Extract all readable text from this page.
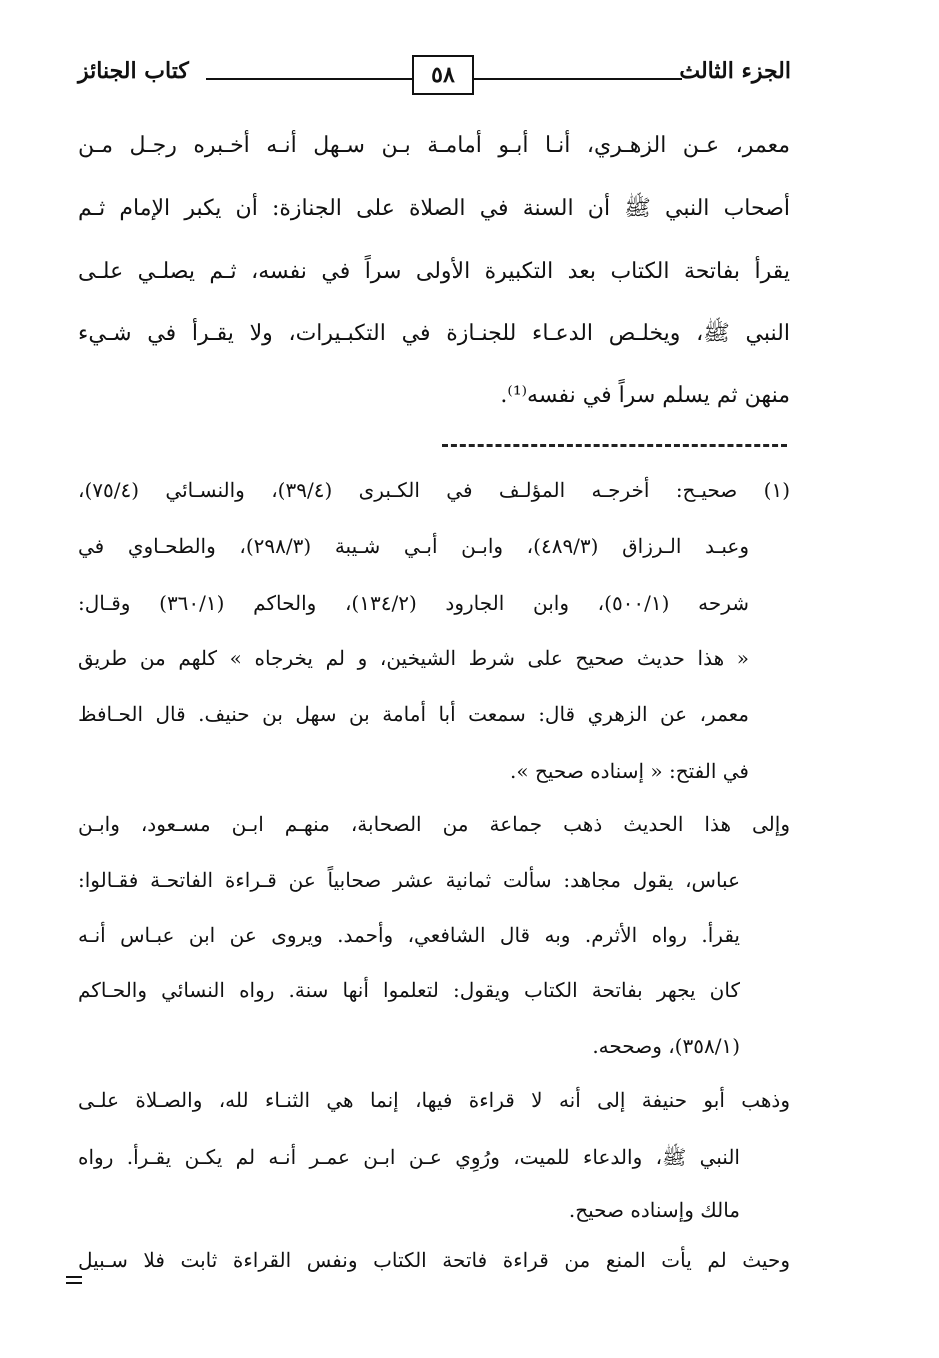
الجزء الثالث
٥٨
كتاب الجنائز
معمر، عـن الزهـري، أنـا أبـو أمامـة بـن سـهل أنـه أخـبره رجـل مـن
أصحاب النبي ﷺ أن السنة في الصلاة على الجنازة: أن يكبر الإمام ثـم
يقرأ بفاتحة الكتاب بعد التكبيرة الأولى سراً في نفسه، ثـم يصلـي علـى
النبي ﷺ، ويخلـص الدعـاء للجنـازة في التكبـيرات، ولا يقـرأ في شـيء
منهن ثم يسلم سراً في نفسه⁽¹⁾.
(١) صحيـح: أخرجـه المؤلـف في الكـبرى (٣٩/٤)، والنسـائي (٧٥/٤)،
وعبـد الـرزاق (٤٨٩/٣)، وابـن أبـي شـيبة (٢٩٨/٣)، والطحـاوي في
شرحه (٥٠٠/١)، وابن الجارود (١٣٤/٢)، والحاكم (٣٦٠/١) وقـال:
« هذا حديث صحيح على شرط الشيخين، و لم يخرجاه » كلهم من طريق
معمر، عن الزهري قال: سمعت أبا أمامة بن سهل بن حنيف. قال الحـافظ
في الفتح: « إسناده صحيح ».
وإلى هذا الحديث ذهب جماعة من الصحابة، منهـم ابـن مسـعود، وابـن
عباس، يقول مجاهد: سألت ثمانية عشر صحابياً عن قـراءة الفاتحـة فقـالوا:
يقرأ. رواه الأثرم. وبه قال الشافعي، وأحمد. ويروى عن ابن عبـاس أنـه
كان يجهر بفاتحة الكتاب ويقول: لتعلموا أنها سنة. رواه النسائي والحـاكم
(٣٥٨/١)، وصححه.
وذهب أبو حنيفة إلى أنه لا قراءة فيها، إنما هي الثنـاء لله، والصـلاة علـى
النبي ﷺ، والدعاء للميت، ورُوِي عـن ابـن عمـر أنـه لم يكـن يقـرأ. رواه
مالك وإسناده صحيح.
وحيث لم يأت المنع من قراءة فاتحة الكتاب ونفس القراءة ثابت فلا سـبيل
